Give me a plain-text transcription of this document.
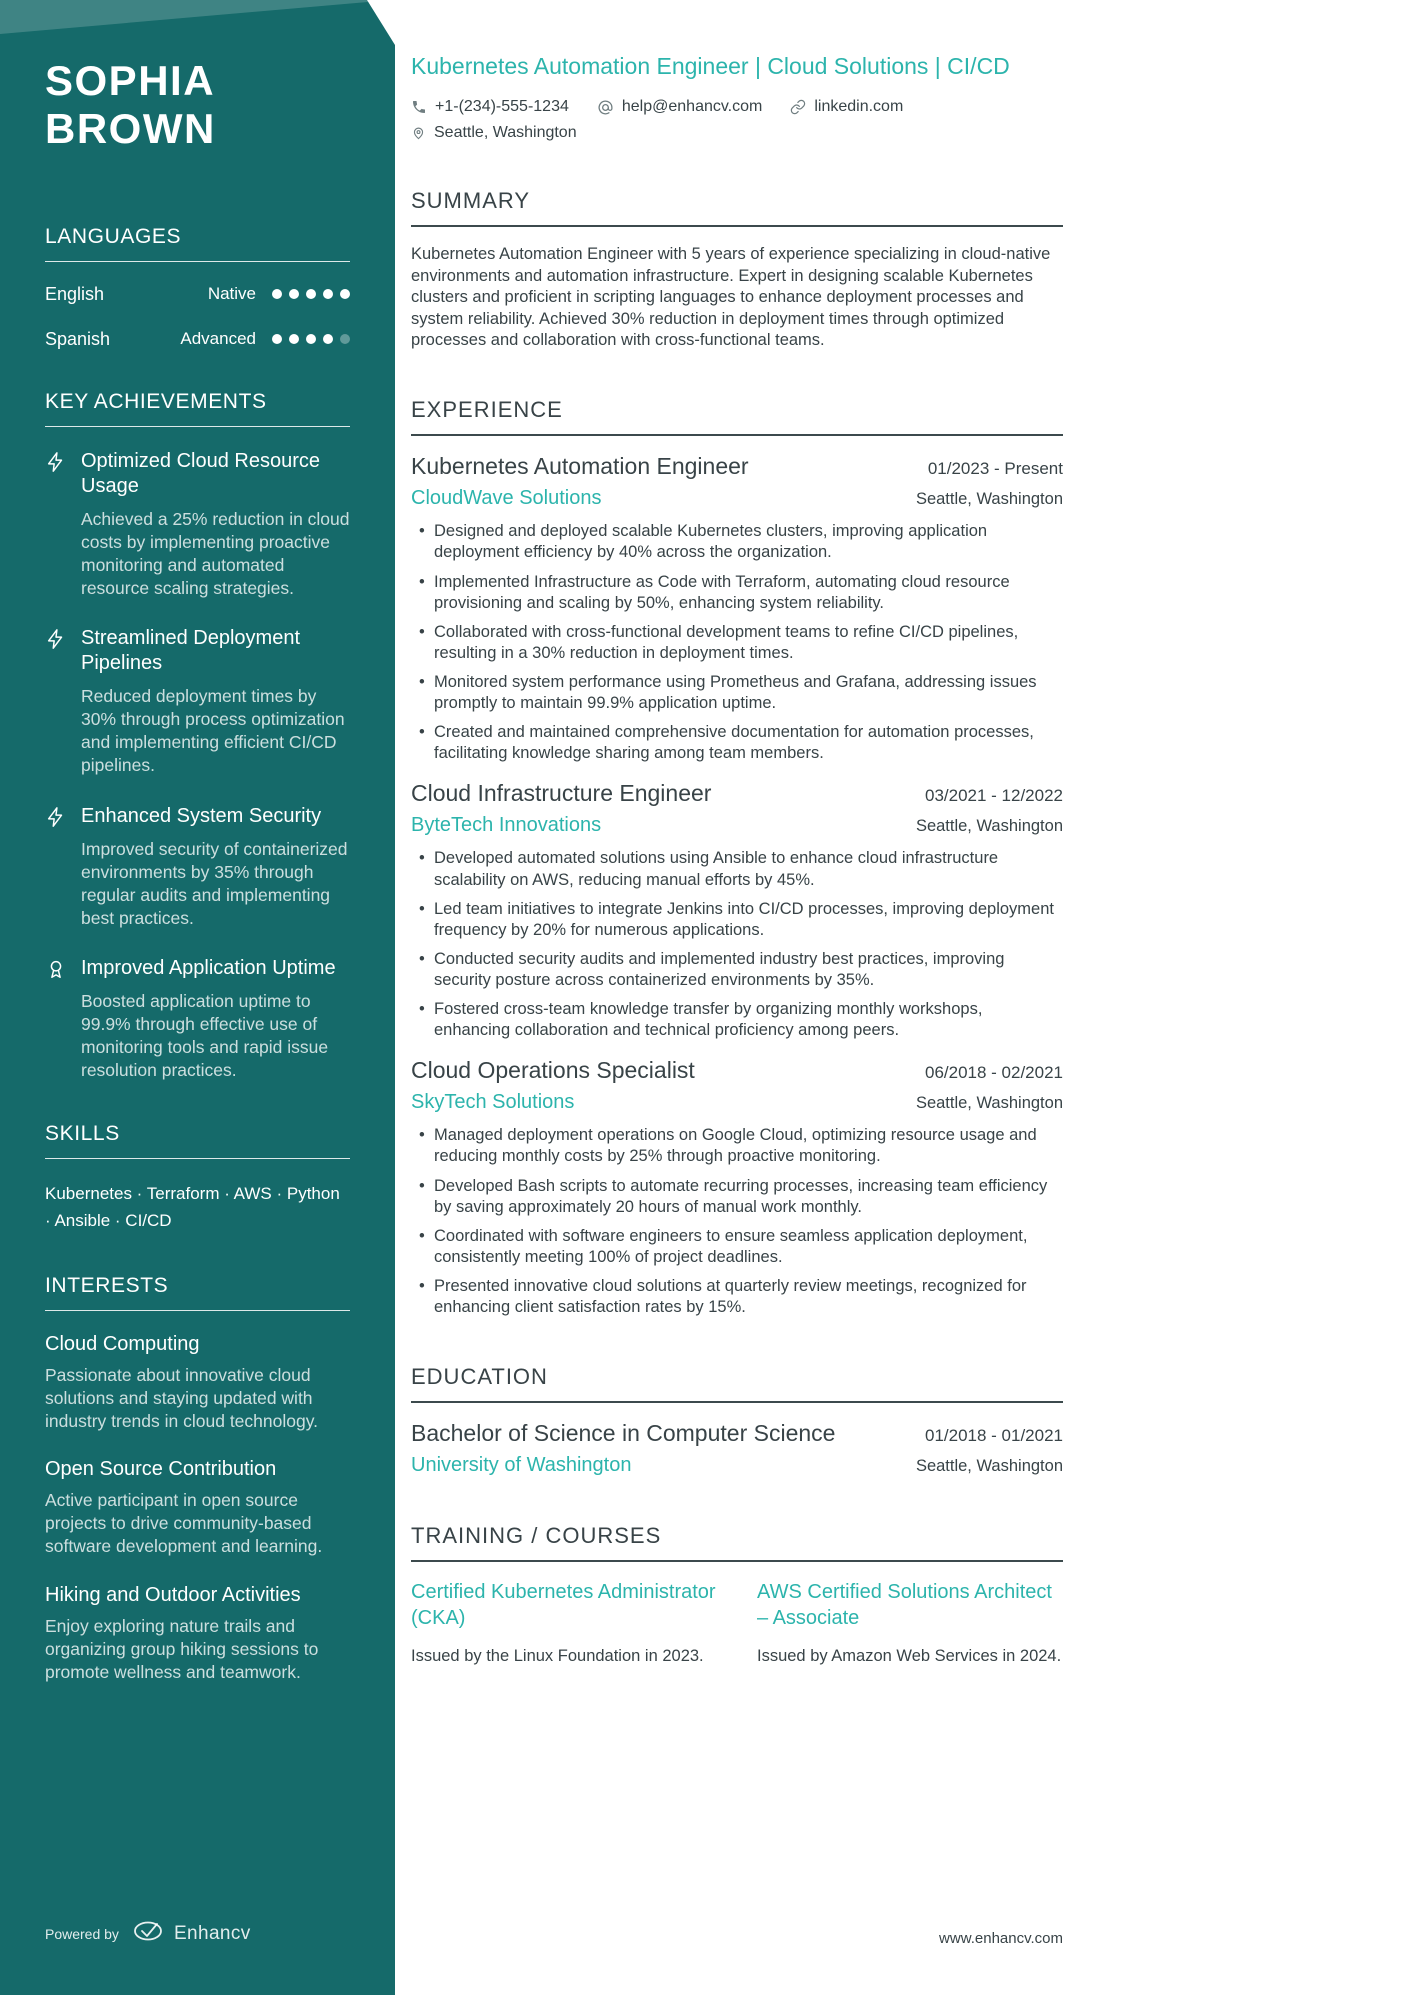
SOPHIA BROWN
LANGUAGES
English	Native
Spanish	Advanced
KEY ACHIEVEMENTS
Optimized Cloud Resource Usage
Achieved a 25% reduction in cloud costs by implementing proactive monitoring and automated resource scaling strategies.
Streamlined Deployment Pipelines
Reduced deployment times by 30% through process optimization and implementing efficient CI/CD pipelines.
Enhanced System Security
Improved security of containerized environments by 35% through regular audits and implementing best practices.
Improved Application Uptime
Boosted application uptime to 99.9% through effective use of monitoring tools and rapid issue resolution practices.
SKILLS
Kubernetes · Terraform · AWS · Python · Ansible · CI/CD
INTERESTS
Cloud Computing
Passionate about innovative cloud solutions and staying updated with industry trends in cloud technology.
Open Source Contribution
Active participant in open source projects to drive community-based software development and learning.
Hiking and Outdoor Activities
Enjoy exploring nature trails and organizing group hiking sessions to promote wellness and teamwork.
Powered by	Enhancv
Kubernetes Automation Engineer | Cloud Solutions | CI/CD
+1-(234)-555-1234	help@enhancv.com	linkedin.com
Seattle, Washington
SUMMARY

Kubernetes Automation Engineer with 5 years of experience specializing in cloud-native environments and automation infrastructure. Expert in designing scalable Kubernetes clusters and proficient in scripting languages to enhance deployment processes and system reliability. Achieved 30% reduction in deployment times through optimized processes and collaboration with cross-functional teams.

EXPERIENCE
Kubernetes Automation Engineer	01/2023 - Present
CloudWave Solutions	Seattle, Washington
• Designed and deployed scalable Kubernetes clusters, improving application deployment efficiency by 40% across the organization.
• Implemented Infrastructure as Code with Terraform, automating cloud resource provisioning and scaling by 50%, enhancing system reliability.
• Collaborated with cross-functional development teams to refine CI/CD pipelines, resulting in a 30% reduction in deployment times.
• Monitored system performance using Prometheus and Grafana, addressing issues promptly to maintain 99.9% application uptime.
• Created and maintained comprehensive documentation for automation processes, facilitating knowledge sharing among team members.
Cloud Infrastructure Engineer	03/2021 - 12/2022
ByteTech Innovations	Seattle, Washington
• Developed automated solutions using Ansible to enhance cloud infrastructure scalability on AWS, reducing manual efforts by 45%.
• Led team initiatives to integrate Jenkins into CI/CD processes, improving deployment frequency by 20% for numerous applications.
• Conducted security audits and implemented industry best practices, improving security posture across containerized environments by 35%.
• Fostered cross-team knowledge transfer by organizing monthly workshops, enhancing collaboration and technical proficiency among peers.
Cloud Operations Specialist	06/2018 - 02/2021
SkyTech Solutions	Seattle, Washington
• Managed deployment operations on Google Cloud, optimizing resource usage and reducing monthly costs by 25% through proactive monitoring.
• Developed Bash scripts to automate recurring processes, increasing team efficiency by saving approximately 20 hours of manual work monthly.
• Coordinated with software engineers to ensure seamless application deployment, consistently meeting 100% of project deadlines.
• Presented innovative cloud solutions at quarterly review meetings, recognized for enhancing client satisfaction rates by 15%.
EDUCATION
Bachelor of Science in Computer Science	01/2018 - 01/2021
University of Washington	Seattle, Washington
TRAINING / COURSES
Certified Kubernetes Administrator (CKA)
Issued by the Linux Foundation in 2023.
AWS Certified Solutions Architect – Associate
Issued by Amazon Web Services in 2024.
www.enhancv.com
